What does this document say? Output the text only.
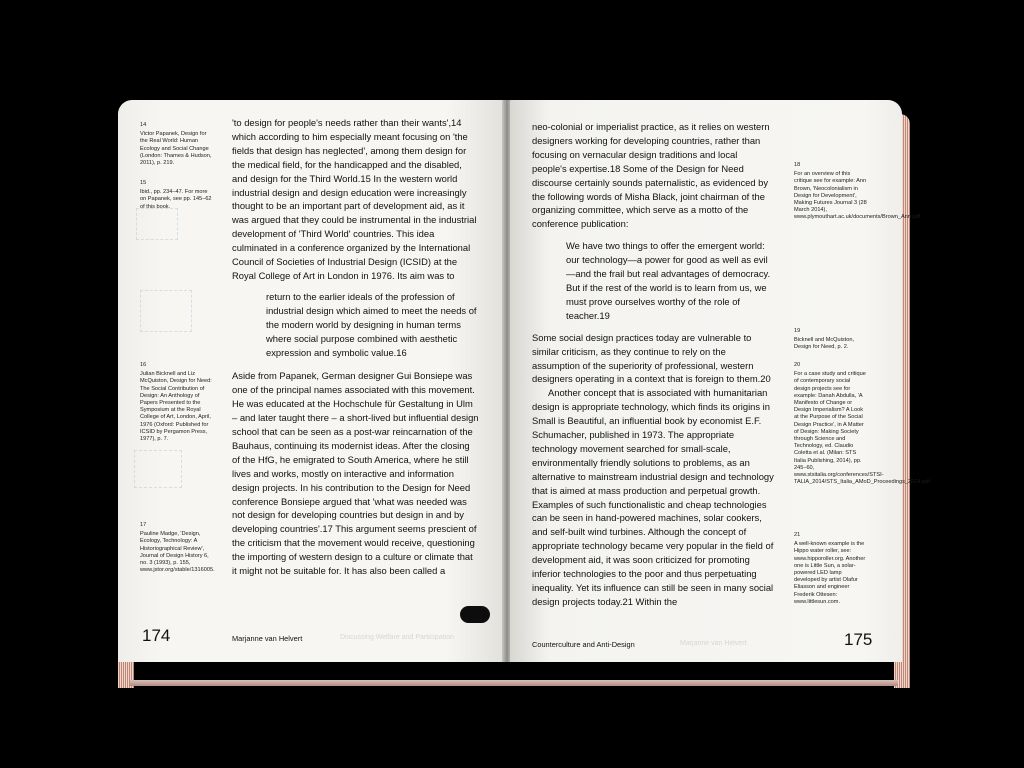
14
Victor Papanek, Design for the Real World: Human Ecology and Social Change (London: Thames & Hudson, 2011), p. 219.
15
Ibid., pp. 234–47. For more on Papanek, see pp. 145–62 of this book.
16
Julian Bicknell and Liz McQuiston, Design for Need: The Social Contribution of Design: An Anthology of Papers Presented to the Symposium at the Royal College of Art, London, April, 1976 (Oxford: Published for ICSID by Pergamon Press, 1977), p. 7.
17
Pauline Madge, 'Design, Ecology, Technology: A Historiographical Review', Journal of Design History 6, no. 3 (1993), p. 155, www.jstor.org/stable/1316005.

'to design for people's needs rather than their wants',14 which according to him especially meant focusing on 'the fields that design has neglected', among them design for the medical field, for the handicapped and the disabled, and design for the Third World.15 In the western world industrial design and design education were increasingly thought to be an important part of development aid, as it was argued that they could be instrumental in the industrial development of 'Third World' countries. This idea culminated in a conference organized by the International Council of Societies of Industrial Design (ICSID) at the Royal College of Art in London in 1976. Its aim was to

return to the earlier ideals of the profession of industrial design which aimed to meet the needs of the modern world by designing in human terms where social purpose combined with aesthetic expression and symbolic value.16

Aside from Papanek, German designer Gui Bonsiepe was one of the principal names associated with this movement. He was educated at the Hochschule für Gestaltung in Ulm – and later taught there – a short-lived but influential design school that can be seen as a post-war reincarnation of the Bauhaus, continuing its modernist ideas. After the closing of the HfG, he emigrated to South America, where he still lives and works, mostly on interactive and information design projects. In his contribution to the Design for Need conference Bonsiepe argued that 'what was needed was not design for developing countries but design in and by developing countries'.17 This argument seems prescient of the criticism that the movement would receive, questioning the importing of western design to a culture or climate that it might not be suitable for. It has also been called a

174	Marjanne van Helvert	Discussing Welfare and Participation

neo-colonial or imperialist practice, as it relies on western designers working for developing countries, rather than focusing on vernacular design traditions and local people's expertise.18 Some of the Design for Need discourse certainly sounds paternalistic, as evidenced by the following words of Misha Black, joint chairman of the organizing committee, which serve as a motto of the conference publication:

We have two things to offer the emergent world: our technology—a power for good as well as evil—and the frail but real advantages of democracy. But if the rest of the world is to learn from us, we must prove ourselves worthy of the role of teacher.19

Some social design practices today are vulnerable to similar criticism, as they continue to rely on the assumption of the superiority of professional, western designers operating in a context that is foreign to them.20

Another concept that is associated with humanitarian design is appropriate technology, which finds its origins in Small is Beautiful, an influential book by economist E.F. Schumacher, published in 1973. The appropriate technology movement searched for small-scale, environmentally friendly solutions to problems, as an alternative to mainstream industrial design and technology that is aimed at mass production and perpetual growth. Examples of such functionalistic and cheap technologies can be seen in hand-powered machines, solar cookers, and self-built wind turbines. Although the concept of appropriate technology became very popular in the field of development aid, it was soon criticized for promoting inferior technologies to the poor and thus perpetuating inequality. Yet its influence can still be seen in many social design projects today.21 Within the

18
For an overview of this critique see for example: Ann Brown, 'Neocolonialism in Design for Development', Making Futures Journal 3 (28 March 2014), www.plymouthart.ac.uk/documents/Brown_Ann.pdf.
19
Bicknell and McQuiston, Design for Need, p. 2.
20
For a case study and critique of contemporary social design projects see for example: Danah Abdulla, 'A Manifesto of Change or Design Imperialism? A Look at the Purpose of the Social Design Practice', in A Matter of Design: Making Society through Science and Technology, ed. Claudio Coletta et al. (Milan: STS Italia Publishing, 2014), pp. 245–60, www.stsitalia.org/conferences/STSI-TALIA_2014/STS_Italia_AMoD_Proceedings_2014.pdf.
21
A well-known example is the Hippo water roller, see: www.hipporoller.org. Another one is Little Sun, a solar-powered LED lamp developed by artist Olafur Eliasson and engineer Frederik Ottesen: www.littlesun.com.
Counterculture and Anti-Design	Marjanne van Helvert	175
